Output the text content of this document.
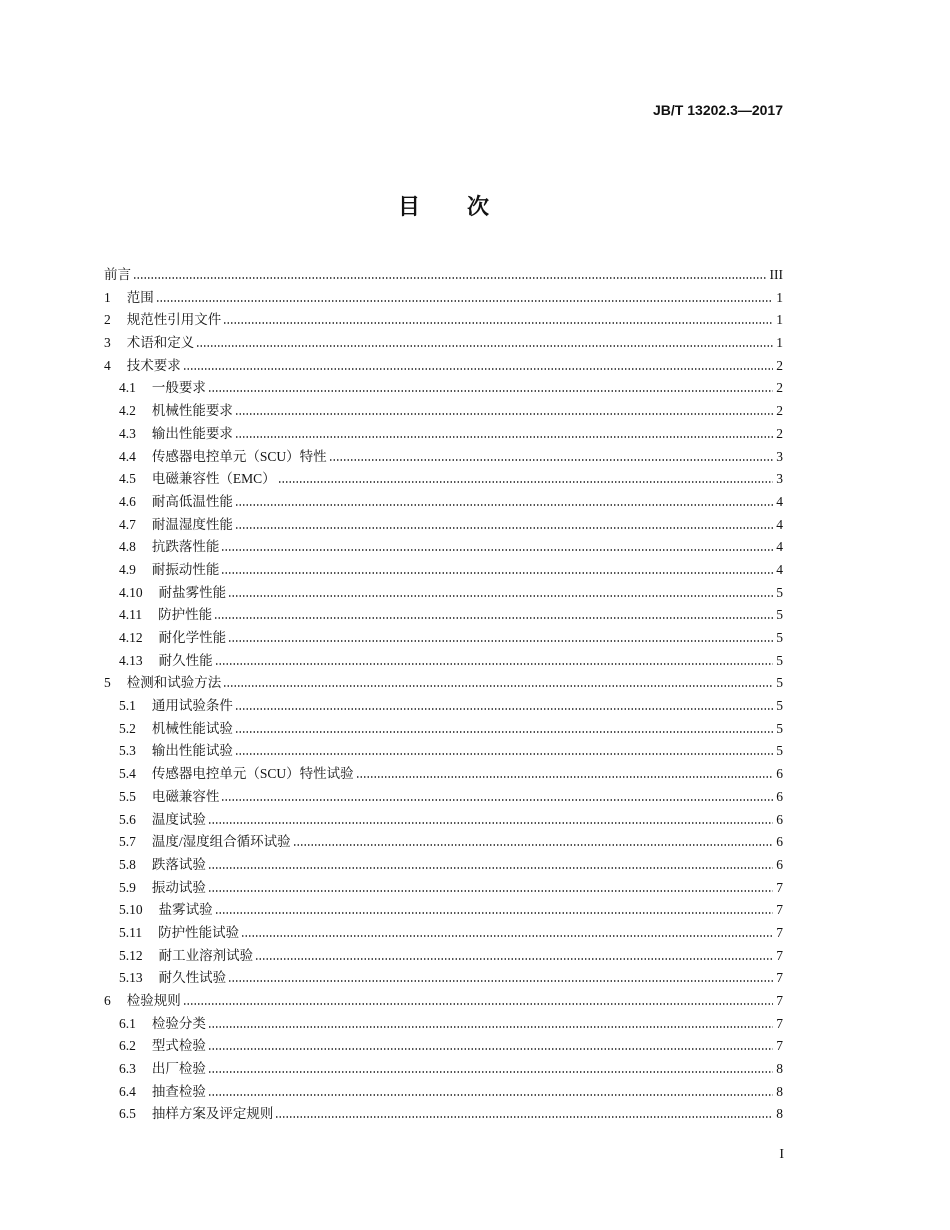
JB/T 13202.3—2017
目 次
前言	III
1 范围	1
2 规范性引用文件	1
3 术语和定义	1
4 技术要求	2
4.1 一般要求	2
4.2 机械性能要求	2
4.3 输出性能要求	2
4.4 传感器电控单元（SCU）特性	3
4.5 电磁兼容性（EMC）	3
4.6 耐高低温性能	4
4.7 耐温湿度性能	4
4.8 抗跌落性能	4
4.9 耐振动性能	4
4.10 耐盐雾性能	5
4.11 防护性能	5
4.12 耐化学性能	5
4.13 耐久性能	5
5 检测和试验方法	5
5.1 通用试验条件	5
5.2 机械性能试验	5
5.3 输出性能试验	5
5.4 传感器电控单元（SCU）特性试验	6
5.5 电磁兼容性	6
5.6 温度试验	6
5.7 温度/湿度组合循环试验	6
5.8 跌落试验	6
5.9 振动试验	7
5.10 盐雾试验	7
5.11 防护性能试验	7
5.12 耐工业溶剂试验	7
5.13 耐久性试验	7
6 检验规则	7
6.1 检验分类	7
6.2 型式检验	7
6.3 出厂检验	8
6.4 抽查检验	8
6.5 抽样方案及评定规则	8
I
